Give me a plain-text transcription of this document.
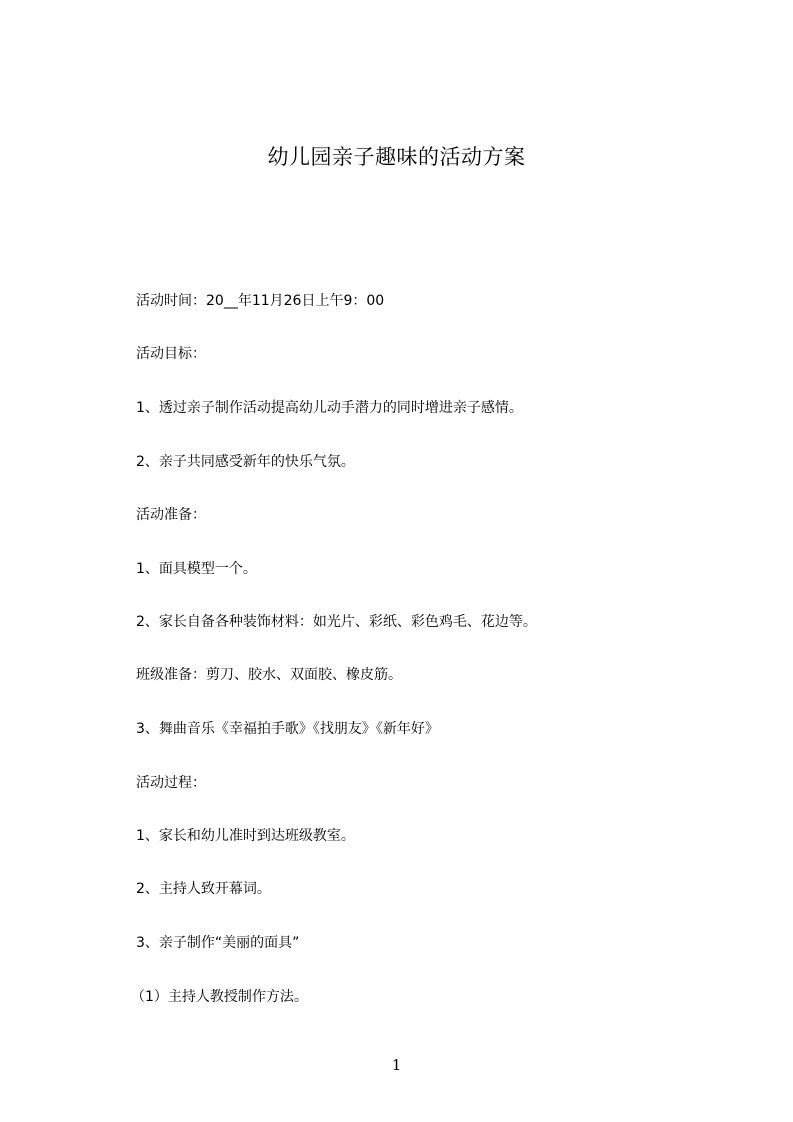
幼儿园亲子趣味的活动方案
活动时间：20__年11月26日上午9：00
活动目标：
1、透过亲子制作活动提高幼儿动手潜力的同时增进亲子感情。
2、亲子共同感受新年的快乐气氛。
活动准备：
1、面具模型一个。
2、家长自备各种装饰材料：如光片、彩纸、彩色鸡毛、花边等。
班级准备：剪刀、胶水、双面胶、橡皮筋。
3、舞曲音乐《幸福拍手歌》《找朋友》《新年好》
活动过程：
1、家长和幼儿准时到达班级教室。
2、主持人致开幕词。
3、亲子制作“美丽的面具”
（1）主持人教授制作方法。
1
